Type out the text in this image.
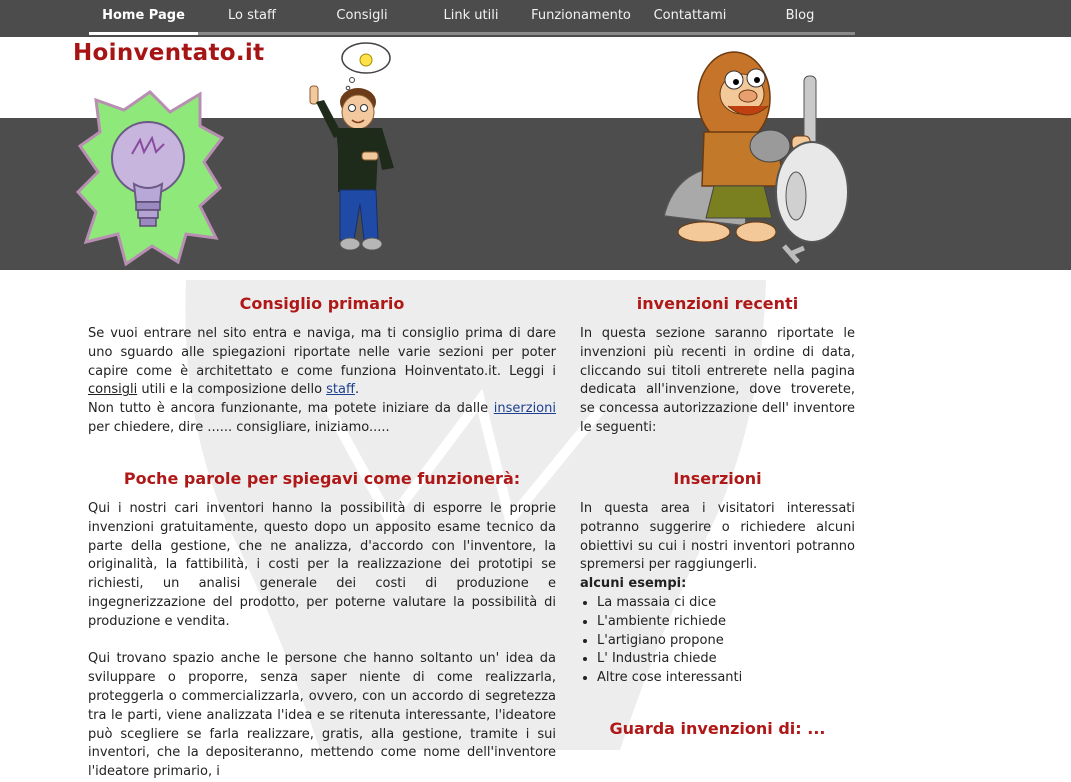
Home Page	Lo staff	Consigli	Link utili	Funzionamento	Contattami	Blog
Hoinventato.it
Consiglio primario

Se vuoi entrare nel sito entra e naviga, ma ti consiglio prima di dare uno sguardo alle spiegazioni riportate nelle varie sezioni per poter capire come è architettato e come funziona Hoinventato.it. Leggi i consigli utili e la composizione dello staff.
Non tutto è ancora funzionante, ma potete iniziare da dalle inserzioni per chiedere, dire ...... consigliare, iniziamo.....

Poche parole per spiegavi come funzionerà:

Qui i nostri cari inventori hanno la possibilità di esporre le proprie invenzioni gratuitamente, questo dopo un apposito esame tecnico da parte della gestione, che ne analizza, d'accordo con l'inventore, la originalità, la fattibilità, i costi per la realizzazione dei prototipi se richiesti, un analisi generale dei costi di produzione e ingegnerizzazione del prodotto, per poterne valutare la possibilità di produzione e vendita.

Qui trovano spazio anche le persone che hanno soltanto un' idea da sviluppare o proporre, senza saper niente di come realizzarla, proteggerla o commercializzarla, ovvero, con un accordo di segretezza tra le parti, viene analizzata l'idea e se ritenuta interessante, l'ideatore può scegliere se farla realizzare, gratis, alla gestione, tramite i sui inventori, che la depositeranno, mettendo come nome dell'inventore l'ideatore primario, i

invenzioni recenti

In questa sezione saranno riportate le invenzioni più recenti in ordine di data, cliccando sui titoli entrerete nella pagina dedicata all'invenzione, dove troverete, se concessa autorizzazione dell' inventore le seguenti:

Inserzioni

In questa area i visitatori interessati potranno suggerire o richiedere alcuni obiettivi su cui i nostri inventori potranno spremersi per raggiungerli.

alcuni esempi:
• La massaia ci dice
• L'ambiente richiede
• L'artigiano propone
• L' Industria chiede
• Altre cose interessanti
Guarda invenzioni di: ...
